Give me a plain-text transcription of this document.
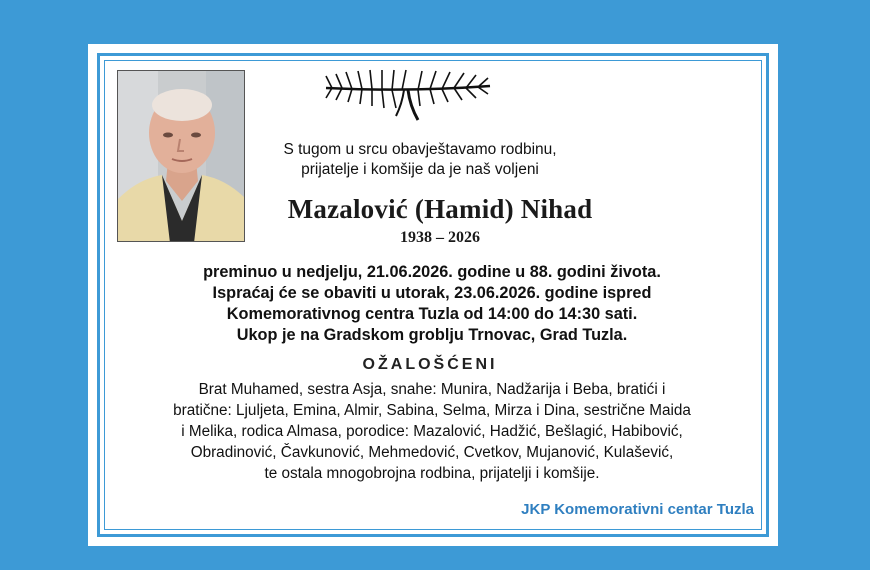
S tugom u srcu obavještavamo rodbinu,
prijatelje i komšije da je naš voljeni
Mazalović (Hamid) Nihad
1938 – 2026
preminuo u nedjelju, 21.06.2026. godine u 88. godini života.
Ispraćaj će se obaviti u utorak, 23.06.2026. godine ispred
Komemorativnog centra Tuzla od 14:00 do 14:30 sati.
Ukop je na Gradskom groblju Trnovac, Grad Tuzla.
OŽALOŠĆENI
Brat Muhamed, sestra Asja, snahe: Munira, Nadžarija i Beba, bratići i
bratične: Ljuljeta, Emina, Almir, Sabina, Selma, Mirza i Dina, sestrične Maida
i Melika, rodica Almasa, porodice: Mazalović, Hadžić, Bešlagić, Habibović,
Obradinović, Čavkunović, Mehmedović, Cvetkov, Mujanović, Kulašević,
te ostala mnogobrojna rodbina, prijatelji i komšije.
JKP Komemorativni centar Tuzla
